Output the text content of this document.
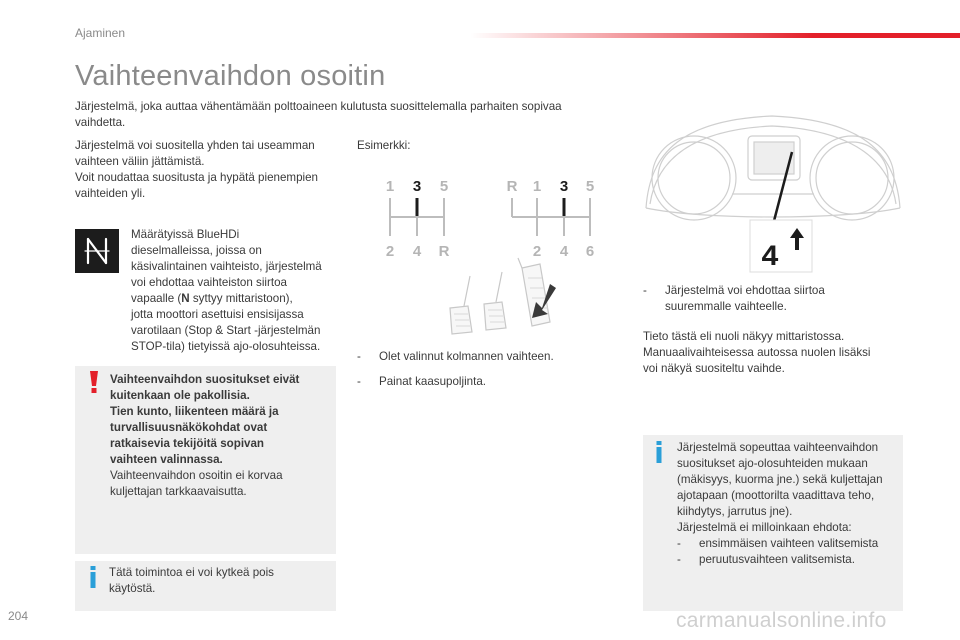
Ajaminen
Vaihteenvaihdon osoitin

Järjestelmä, joka auttaa vähentämään polttoaineen kulutusta suosittelemalla parhaiten sopivaa vaihdetta.

Järjestelmä voi suositella yhden tai useamman
vaihteen väliin jättämistä.
Voit noudattaa suositusta ja hypätä pienempien
vaihteiden yli.
Määrätyissä BlueHDi
dieselmalleissa, joissa on
käsivalintainen vaihteisto, järjestelmä
voi ehdottaa vaihteiston siirtoa
vapaalle (N syttyy mittaristoon),
jotta moottori asettuisi ensisijassa
varotilaan (Stop & Start -järjestelmän
STOP-tila) tietyissä ajo-olosuhteissa.
Vaihteenvaihdon suositukset eivät
kuitenkaan ole pakollisia.
Tien kunto, liikenteen määrä ja
turvallisuusnäkökohdat ovat
ratkaisevia tekijöitä sopivan
vaihteen valinnassa.
Vaihteenvaihdon osoitin ei korvaa
kuljettajan tarkkaavaisutta.
Tätä toimintoa ei voi kytkeä pois
käytöstä.
Esimerkki:
1 3 5
2 4 R
R 1 3 5
2 4 6
-	Olet valinnut kolmannen vaihteen.
-	Painat kaasupoljinta.
4
-	Järjestelmä voi ehdottaa siirtoa
suuremmalle vaihteelle.
Tieto tästä eli nuoli näkyy mittaristossa.
Manuaalivaihteisessa autossa nuolen lisäksi
voi näkyä suositeltu vaihde.
Järjestelmä sopeuttaa vaihteenvaihdon
suositukset ajo-olosuhteiden mukaan
(mäkisyys, kuorma jne.) sekä kuljettajan
ajotapaan (moottorilta vaadittava teho,
kiihdytys, jarrutus jne).
Järjestelmä ei milloinkaan ehdota:
-	ensimmäisen vaihteen valitsemista
-	peruutusvaihteen valitsemista.
204	carmanualsonline.info
